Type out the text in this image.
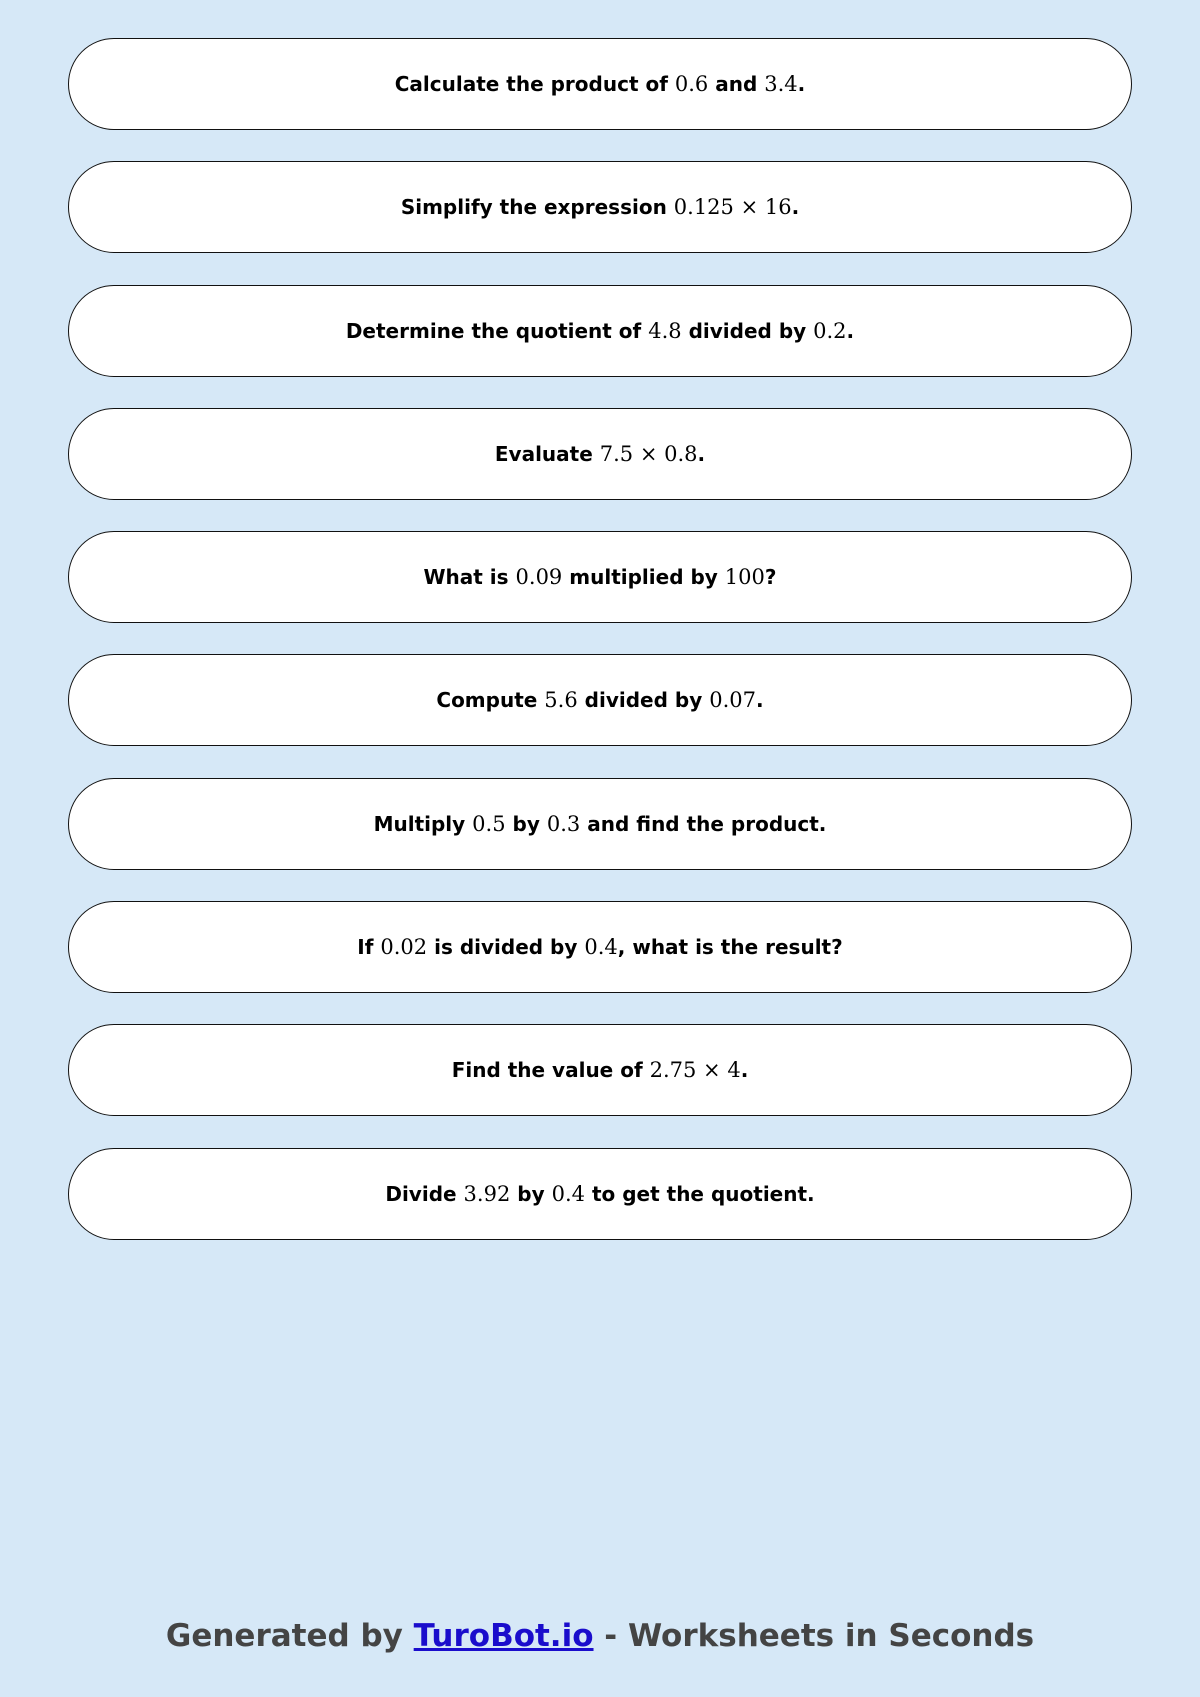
Calculate the product of 0.6 and 3.4.
Simplify the expression 0.125 × 16.
Determine the quotient of 4.8 divided by 0.2.
Evaluate 7.5 × 0.8.
What is 0.09 multiplied by 100?
Compute 5.6 divided by 0.07.
Multiply 0.5 by 0.3 and find the product.
If 0.02 is divided by 0.4, what is the result?
Find the value of 2.75 × 4.
Divide 3.92 by 0.4 to get the quotient.
Generated by TuroBot.io - Worksheets in Seconds
